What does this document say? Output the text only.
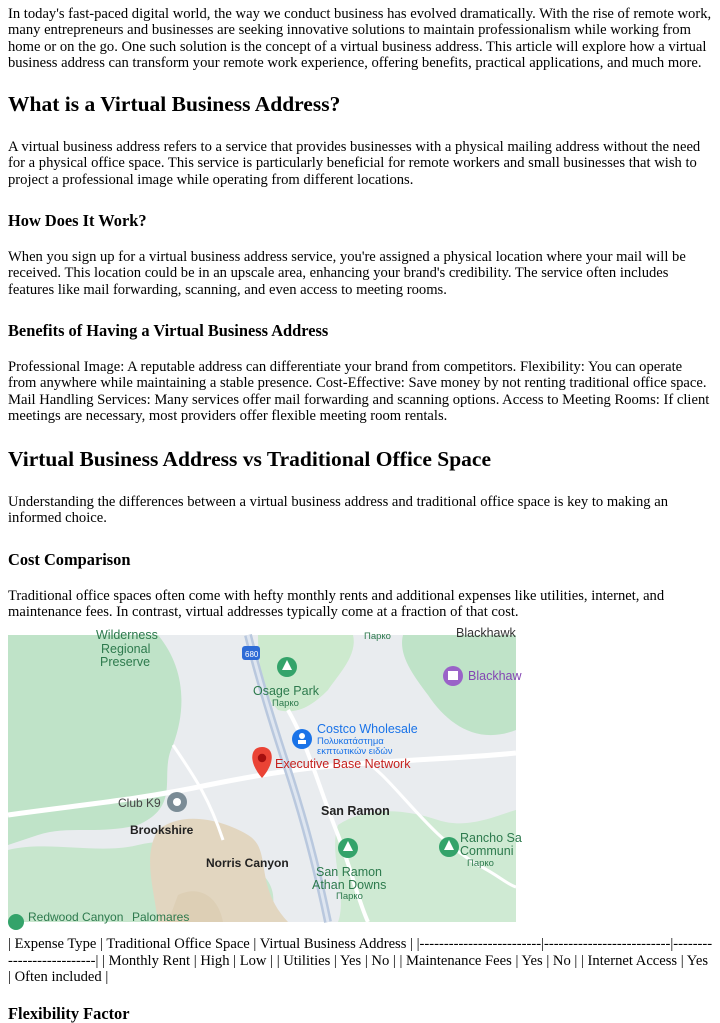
In today's fast-paced digital world, the way we conduct business has evolved dramatically. With the rise of remote work, many entrepreneurs and businesses are seeking innovative solutions to maintain professionalism while working from home or on the go. One such solution is the concept of a virtual business address. This article will explore how a virtual business address can transform your remote work experience, offering benefits, practical applications, and much more.

What is a Virtual Business Address?

A virtual business address refers to a service that provides businesses with a physical mailing address without the need for a physical office space. This service is particularly beneficial for remote workers and small businesses that wish to project a professional image while operating from different locations.

How Does It Work?

When you sign up for a virtual business address service, you're assigned a physical location where your mail will be received. This location could be in an upscale area, enhancing your brand's credibility. The service often includes features like mail forwarding, scanning, and even access to meeting rooms.

Benefits of Having a Virtual Business Address

Professional Image: A reputable address can differentiate your brand from competitors. Flexibility: You can operate from anywhere while maintaining a stable presence. Cost-Effective: Save money by not renting traditional office space. Mail Handling Services: Many services offer mail forwarding and scanning options. Access to Meeting Rooms: If client meetings are necessary, most providers offer flexible meeting room rentals.

Virtual Business Address vs Traditional Office Space

Understanding the differences between a virtual business address and traditional office space is key to making an informed choice.

Cost Comparison

Traditional office spaces often come with hefty monthly rents and additional expenses like utilities, internet, and maintenance fees. In contrast, virtual addresses typically come at a fraction of that cost.

Wilderness
Regional
Preserve
Blackhawk
Парко
680
Osage Park
Парко
Blackhaw
Costco Wholesale
Πολυκατάστημα
εκπτωτικών ειδών
Executive Base Network
Club K9
Brookshire
San Ramon
Rancho Sa
Communi
Парко
Norris Canyon
San Ramon
Athan Downs
Парко
Redwood Canyon Palomares

| Expense Type | Traditional Office Space | Virtual Business Address | |-------------------------|--------------------------|--------------------------| | Monthly Rent | High | Low | | Utilities | Yes | No | | Maintenance Fees | Yes | No | | Internet Access | Yes | Often included |

Flexibility Factor
